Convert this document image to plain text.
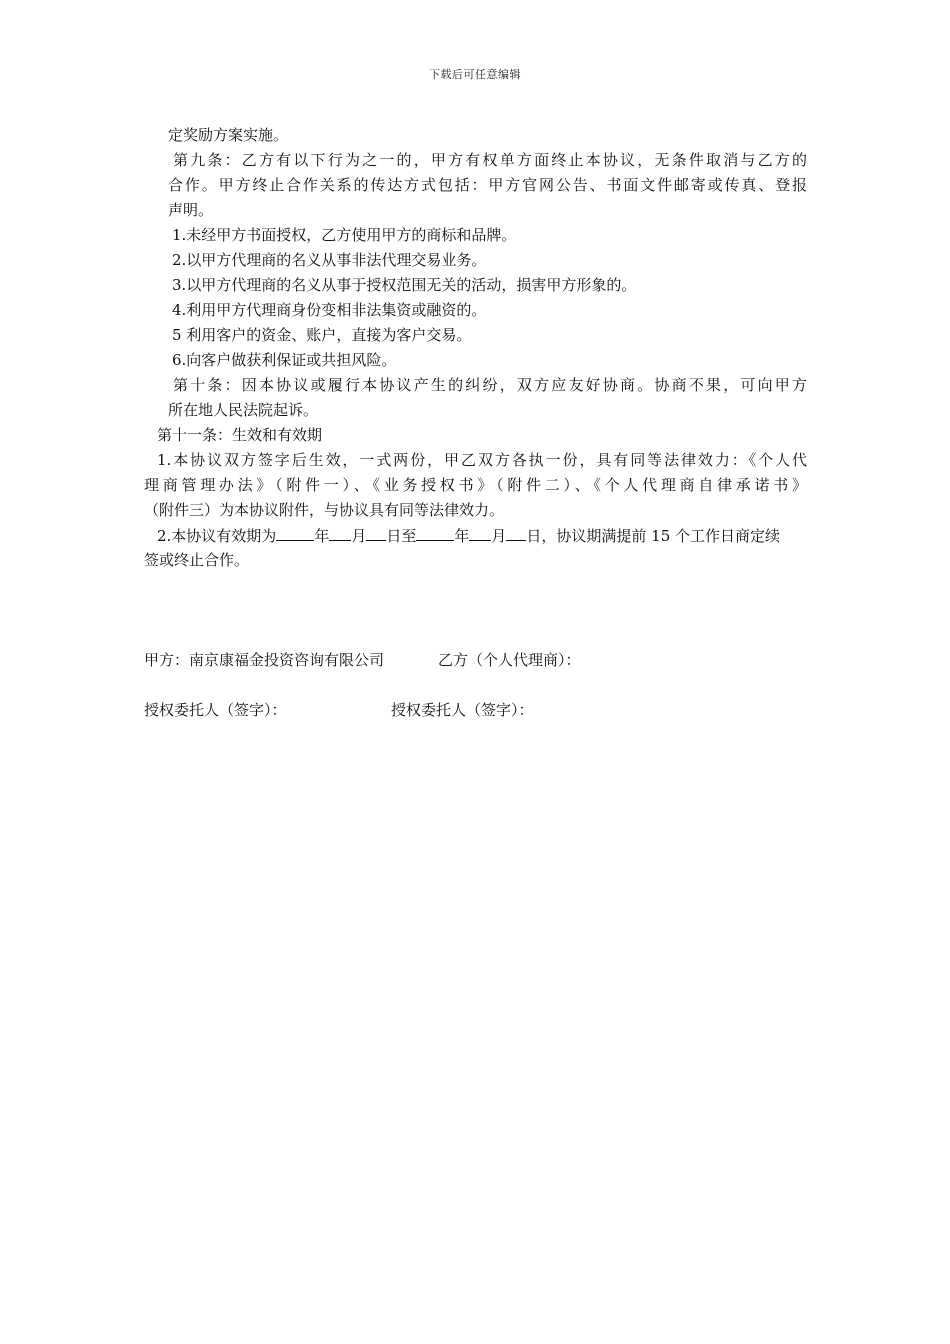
下载后可任意编辑
定奖励方案实施。
第九条：乙方有以下行为之一的，甲方有权单方面终止本协议，无条件取消与乙方的
合作。甲方终止合作关系的传达方式包括：甲方官网公告、书面文件邮寄或传真、登报
声明。
1.未经甲方书面授权，乙方使用甲方的商标和品牌。
2.以甲方代理商的名义从事非法代理交易业务。
3.以甲方代理商的名义从事于授权范围无关的活动，损害甲方形象的。
4.利用甲方代理商身份变相非法集资或融资的。
5 利用客户的资金、账户，直接为客户交易。
6.向客户做获利保证或共担风险。
第十条：因本协议或履行本协议产生的纠纷，双方应友好协商。协商不果，可向甲方
所在地人民法院起诉。
第十一条：生效和有效期
1.本协议双方签字后生效，一式两份，甲乙双方各执一份，具有同等法律效力：《个人代
理商管理办法》（附件一）、《业务授权书》（附件二）、《个人代理商自律承诺书》
（附件三）为本协议附件，与协议具有同等法律效力。
2.本协议有效期为	年 月 日至	年 月 日，协议期满提前 15 个工作日商定续
签或终止合作。
甲方：南京康福金投资咨询有限公司	乙方（个人代理商）：
授权委托人（签字）：	授权委托人（签字）：
